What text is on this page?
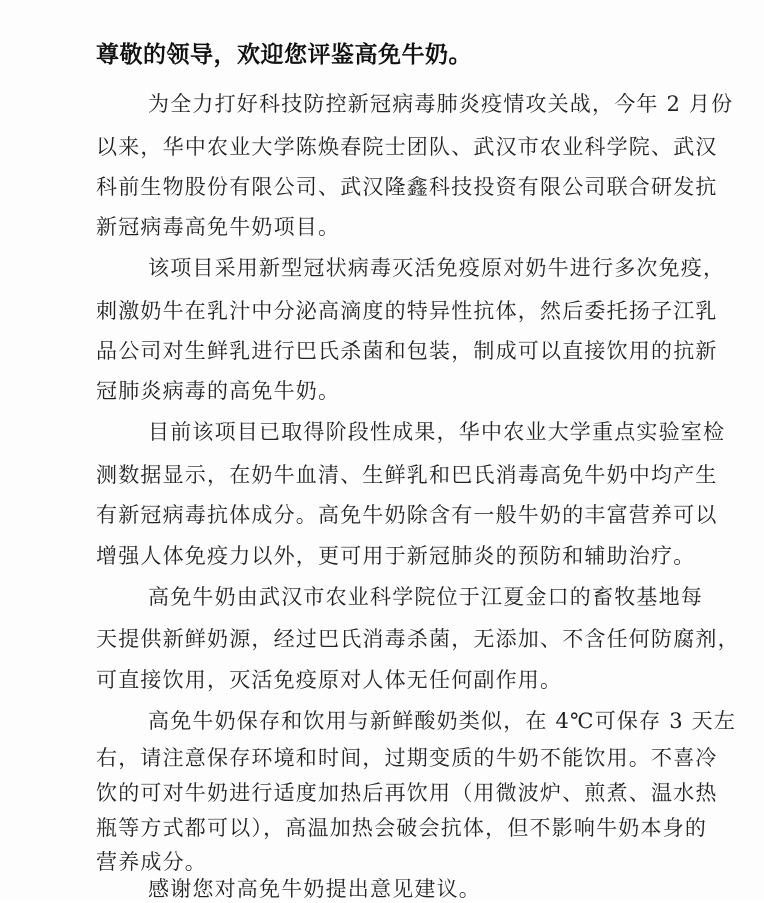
尊敬的领导，欢迎您评鉴高免牛奶。

为全力打好科技防控新冠病毒肺炎疫情攻关战，今年 2 月份

以来，华中农业大学陈焕春院士团队、武汉市农业科学院、武汉

科前生物股份有限公司、武汉隆鑫科技投资有限公司联合研发抗

新冠病毒高免牛奶项目。

该项目采用新型冠状病毒灭活免疫原对奶牛进行多次免疫，

刺激奶牛在乳汁中分泌高滴度的特异性抗体，然后委托扬子江乳

品公司对生鲜乳进行巴氏杀菌和包装，制成可以直接饮用的抗新

冠肺炎病毒的高免牛奶。

目前该项目已取得阶段性成果，华中农业大学重点实验室检

测数据显示，在奶牛血清、生鲜乳和巴氏消毒高免牛奶中均产生

有新冠病毒抗体成分。高免牛奶除含有一般牛奶的丰富营养可以

增强人体免疫力以外，更可用于新冠肺炎的预防和辅助治疗。

高免牛奶由武汉市农业科学院位于江夏金口的畜牧基地每

天提供新鲜奶源，经过巴氏消毒杀菌，无添加、不含任何防腐剂，

可直接饮用，灭活免疫原对人体无任何副作用。

高免牛奶保存和饮用与新鲜酸奶类似，在 4℃可保存 3 天左

右，请注意保存环境和时间，过期变质的牛奶不能饮用。不喜冷

饮的可对牛奶进行适度加热后再饮用（用微波炉、煎煮、温水热

瓶等方式都可以），高温加热会破会抗体，但不影响牛奶本身的

营养成分。

感谢您对高免牛奶提出意见建议。
